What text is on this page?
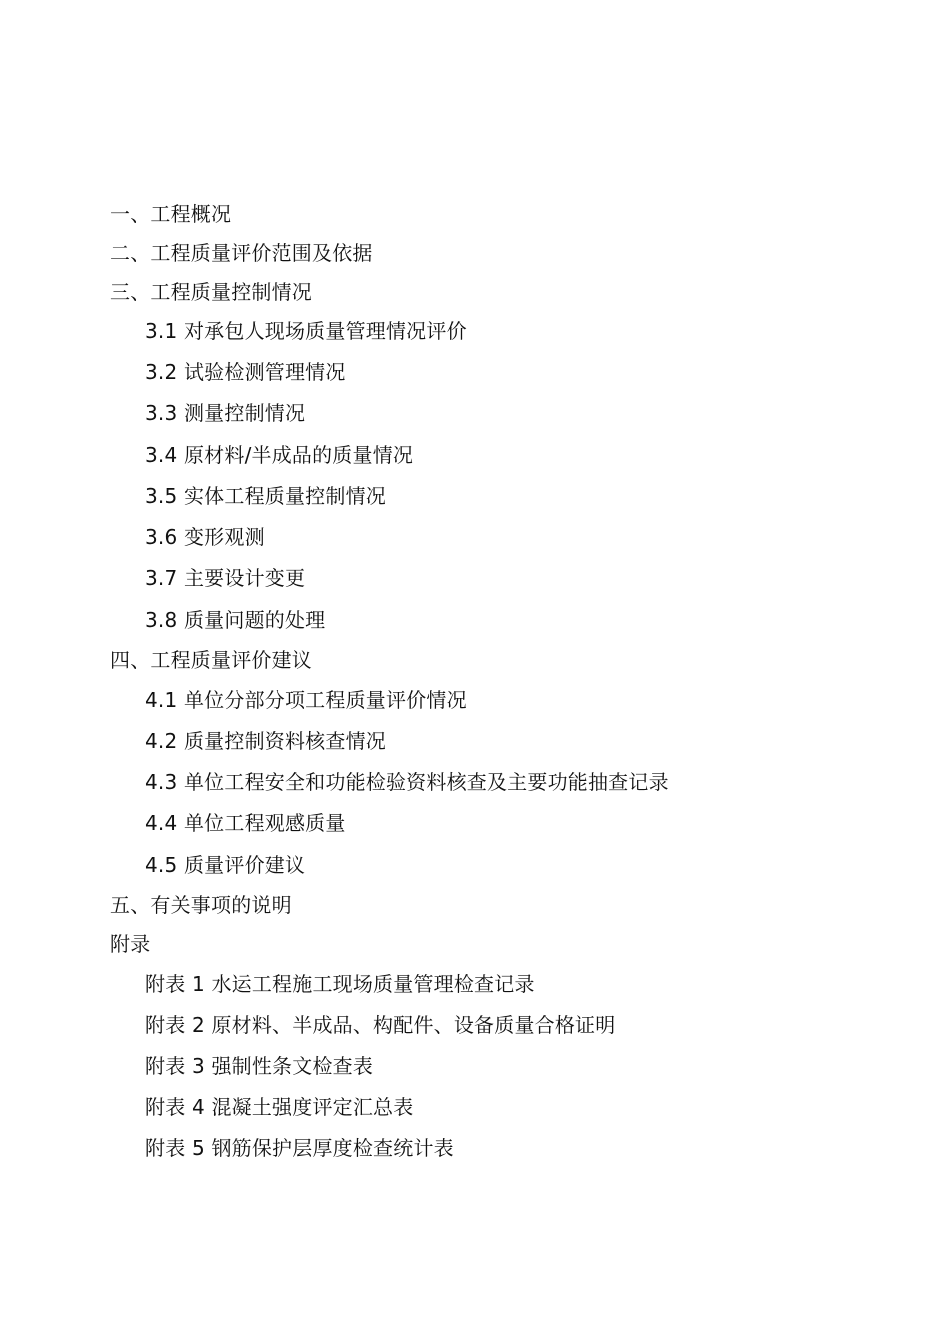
一、工程概况
二、工程质量评价范围及依据
三、工程质量控制情况
3.1 对承包人现场质量管理情况评价
3.2 试验检测管理情况
3.3 测量控制情况
3.4 原材料/半成品的质量情况
3.5 实体工程质量控制情况
3.6 变形观测
3.7 主要设计变更
3.8 质量问题的处理
四、工程质量评价建议
4.1 单位分部分项工程质量评价情况
4.2 质量控制资料核查情况
4.3 单位工程安全和功能检验资料核查及主要功能抽查记录
4.4 单位工程观感质量
4.5 质量评价建议
五、有关事项的说明
附录
附表 1 水运工程施工现场质量管理检查记录
附表 2 原材料、半成品、构配件、设备质量合格证明
附表 3 强制性条文检查表
附表 4 混凝土强度评定汇总表
附表 5 钢筋保护层厚度检查统计表
